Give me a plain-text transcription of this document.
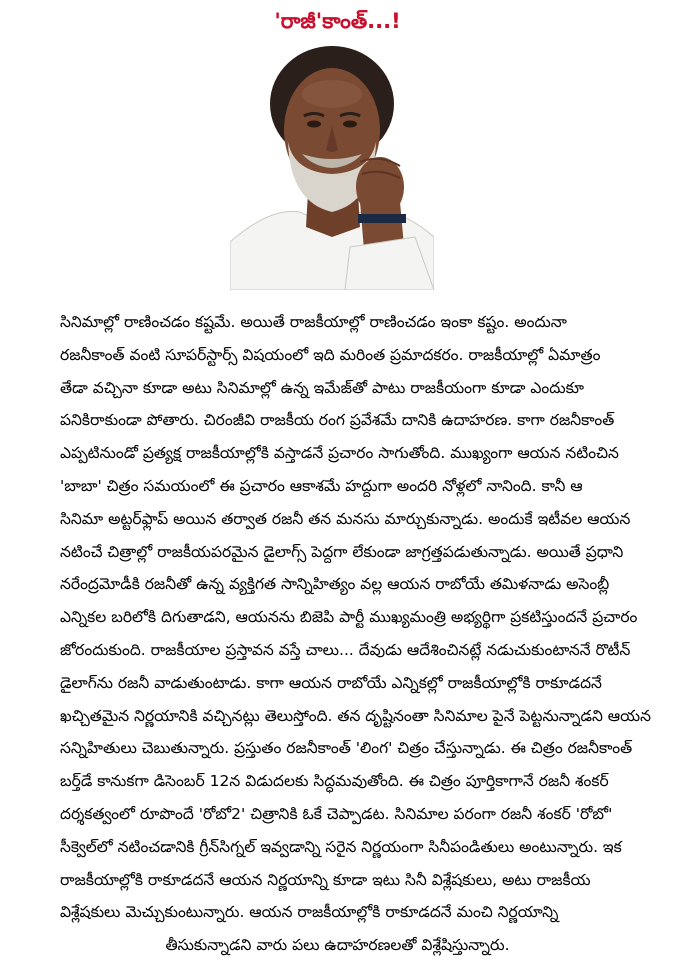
'రాజీ'కాంత్...!
సినిమాల్లో రాణించడం కష్టమే. అయితే రాజకీయాల్లో రాణించడం ఇంకా కష్టం. అందునా
రజనీకాంత్ వంటి సూపర్‌స్టార్స్ విషయంలో ఇది మరింత ప్రమాదకరం. రాజకీయాల్లో ఏమాత్రం
తేడా వచ్చినా కూడా అటు సినిమాల్లో ఉన్న ఇమేజ్‌తో పాటు రాజకీయంగా కూడా ఎందుకూ
పనికిరాకుండా పోతారు. చిరంజీవి రాజకీయ రంగ ప్రవేశమే దానికి ఉదాహరణ. కాగా రజనీకాంత్
ఎప్పటినుండో ప్రత్యక్ష రాజకీయాల్లోకి వస్తాడనే ప్రచారం సాగుతోంది. ముఖ్యంగా ఆయన నటించిన
'బాబా' చిత్రం సమయంలో ఈ ప్రచారం ఆకాశమే హద్దుగా అందరి నోళ్లలో నానింది. కానీ ఆ
సినిమా అట్టర్‌ఫ్లాప్ అయిన తర్వాత రజనీ తన మనసు మార్చుకున్నాడు. అందుకే ఇటీవల ఆయన
నటించే చిత్రాల్లో రాజకీయపరమైన డైలాగ్స్ పెద్దగా లేకుండా జాగ్రత్తపడుతున్నాడు. అయితే ప్రధాని
నరేంద్రమోడీకి రజనీతో ఉన్న వ్యక్తిగత సాన్నిహిత్యం వల్ల ఆయన రాబోయే తమిళనాడు అసెంబ్లీ
ఎన్నికల బరిలోకి దిగుతాడని, ఆయనను బిజెపి పార్టీ ముఖ్యమంత్రి అభ్యర్థిగా ప్రకటిస్తుందనే ప్రచారం
జోరందుకుంది. రాజకీయాల ప్రస్తావన వస్తే చాలు... దేవుడు ఆదేశించినట్లే నడుచుకుంటాననే రొటీన్
డైలాగ్‌ను రజనీ వాడుతుంటాడు. కాగా ఆయన రాబోయే ఎన్నికల్లో రాజకీయాల్లోకి రాకూడదనే
ఖచ్చితమైన నిర్ణయానికి వచ్చినట్లు తెలుస్తోంది. తన దృష్టినంతా సినిమాల పైనే పెట్టనున్నాడని ఆయన
సన్నిహితులు చెబుతున్నారు. ప్రస్తుతం రజనీకాంత్ 'లింగ' చిత్రం చేస్తున్నాడు. ఈ చిత్రం రజనీకాంత్
బర్త్‌డే కానుకగా డిసెంబర్ 12న విడుదలకు సిద్ధమవుతోంది. ఈ చిత్రం పూర్తికాగానే రజనీ శంకర్
దర్శకత్వంలో రూపొందే 'రోబో2' చిత్రానికి ఓకే చెప్పాడట. సినిమాల పరంగా రజనీ శంకర్ 'రోబో'
సీక్వెల్‌లో నటించడానికి గ్రీన్‌సిగ్నల్ ఇవ్వడాన్ని సరైన నిర్ణయంగా సినీపండితులు అంటున్నారు. ఇక
రాజకీయాల్లోకి రాకూడదనే ఆయన నిర్ణయాన్ని కూడా ఇటు సినీ విశ్లేషకులు, అటు రాజకీయ
విశ్లేషకులు మెచ్చుకుంటున్నారు. ఆయన రాజకీయాల్లోకి రాకూడదనే మంచి నిర్ణయాన్ని
తీసుకున్నాడని వారు పలు ఉదాహరణలతో విశ్లేషిస్తున్నారు.
